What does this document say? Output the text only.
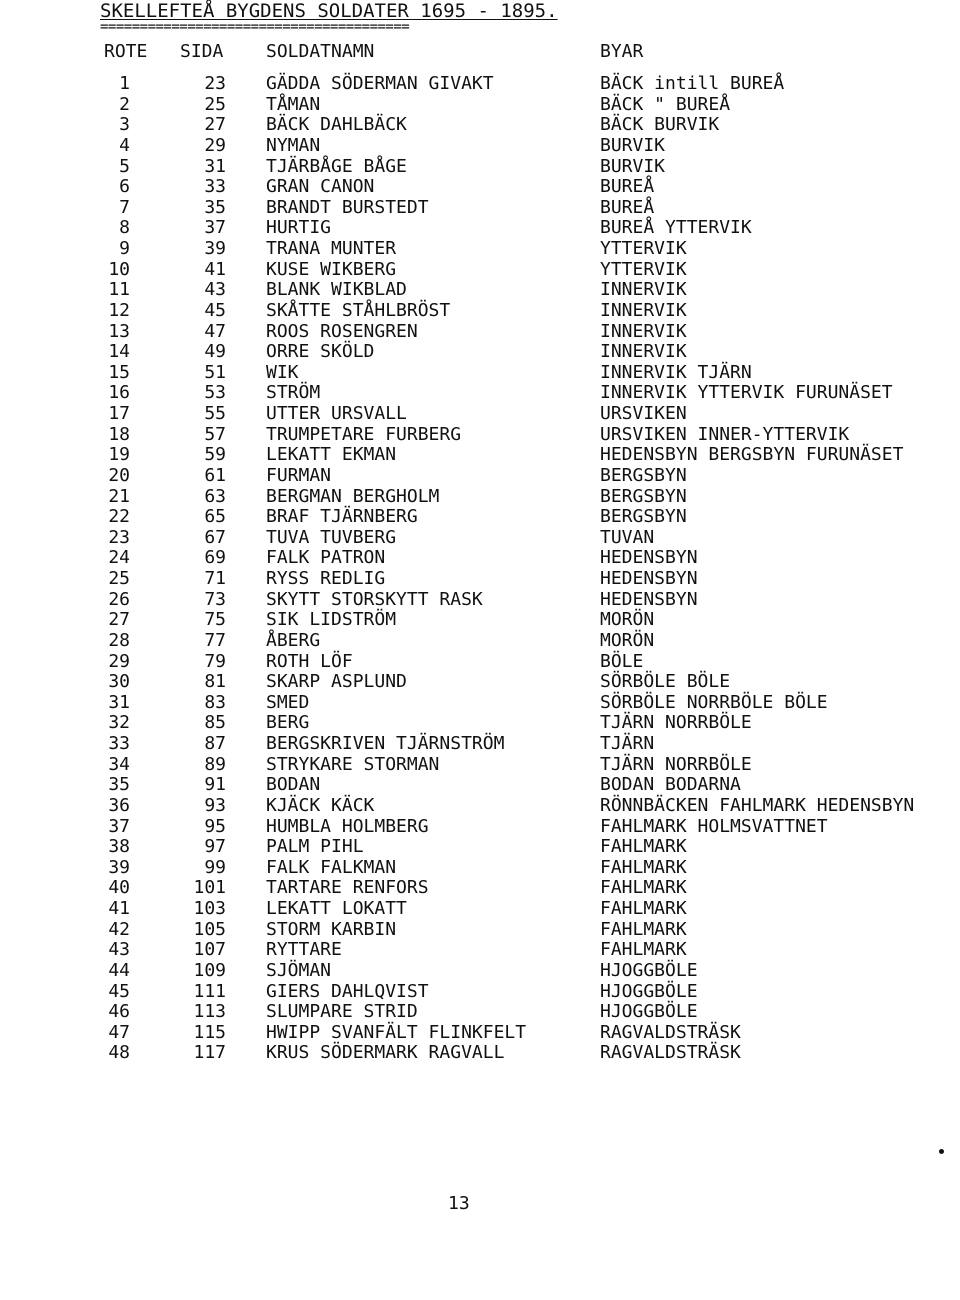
SKELLEFTEÅ BYGDENS SOLDATER 1695 - 1895.
=======================================
ROTE SIDA SOLDATNAMN	BYAR
1	23 GÄDDA SÖDERMAN GIVAKT	BÄCK intill BUREÅ
2	25 TÅMAN	BÄCK " BUREÅ
3	27 BÄCK DAHLBÄCK	BÄCK BURVIK
4	29 NYMAN	BURVIK
5	31 TJÄRBÅGE BÅGE	BURVIK
6	33 GRAN CANON	BUREÅ
7	35 BRANDT BURSTEDT	BUREÅ
8	37 HURTIG	BUREÅ YTTERVIK
9	39 TRANA MUNTER	YTTERVIK
10	41 KUSE WIKBERG	YTTERVIK
11	43 BLANK WIKBLAD	INNERVIK
12	45 SKÅTTE STÅHLBRÖST	INNERVIK
13	47 ROOS ROSENGREN	INNERVIK
14	49 ORRE SKÖLD	INNERVIK
15	51 WIK	INNERVIK TJÄRN
16	53 STRÖM	INNERVIK YTTERVIK FURUNÄSET
17	55 UTTER URSVALL	URSVIKEN
18	57 TRUMPETARE FURBERG	URSVIKEN INNER-YTTERVIK
19	59 LEKATT EKMAN	HEDENSBYN BERGSBYN FURUNÄSET
20	61 FURMAN	BERGSBYN
21	63 BERGMAN BERGHOLM	BERGSBYN
22	65 BRAF TJÄRNBERG	BERGSBYN
23	67 TUVA TUVBERG	TUVAN
24	69 FALK PATRON	HEDENSBYN
25	71 RYSS REDLIG	HEDENSBYN
26	73 SKYTT STORSKYTT RASK	HEDENSBYN
27	75 SIK LIDSTRÖM	MORÖN
28	77 ÅBERG	MORÖN
29	79 ROTH LÖF	BÖLE
30	81 SKARP ASPLUND	SÖRBÖLE BÖLE
31	83 SMED	SÖRBÖLE NORRBÖLE BÖLE
32	85 BERG	TJÄRN NORRBÖLE
33	87 BERGSKRIVEN TJÄRNSTRÖM	TJÄRN
34	89 STRYKARE STORMAN	TJÄRN NORRBÖLE
35	91 BODAN	BODAN BODARNA
36	93 KJÄCK KÄCK	RÖNNBÄCKEN FAHLMARK HEDENSBYN
37	95 HUMBLA HOLMBERG	FAHLMARK HOLMSVATTNET
38	97 PALM PIHL	FAHLMARK
39	99 FALK FALKMAN	FAHLMARK
40	101 TARTARE RENFORS	FAHLMARK
41	103 LEKATT LOKATT	FAHLMARK
42	105 STORM KARBIN	FAHLMARK
43	107 RYTTARE	FAHLMARK
44	109 SJÖMAN	HJOGGBÖLE
45	111 GIERS DAHLQVIST	HJOGGBÖLE
46	113 SLUMPARE STRID	HJOGGBÖLE
47	115 HWIPP SVANFÄLT FLINKFELT	RAGVALDSTRÄSK
48	117 KRUS SÖDERMARK RAGVALL	RAGVALDSTRÄSK
13
